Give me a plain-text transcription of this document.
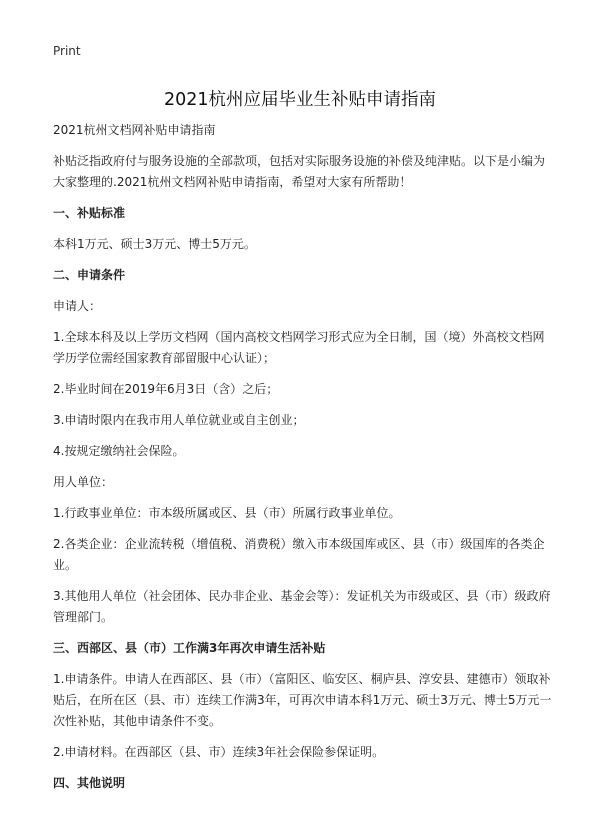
Print
2021杭州应届毕业生补贴申请指南

2021杭州文档网补贴申请指南

补贴泛指政府付与服务设施的全部款项，包括对实际服务设施的补偿及纯津贴。以下是小编为大家整理的.2021杭州文档网补贴申请指南，希望对大家有所帮助！

一、补贴标准

本科1万元、硕士3万元、博士5万元。

二、申请条件

申请人：

1.全球本科及以上学历文档网（国内高校文档网学习形式应为全日制，国（境）外高校文档网学历学位需经国家教育部留服中心认证）；

2.毕业时间在2019年6月3日（含）之后；

3.申请时限内在我市用人单位就业或自主创业；

4.按规定缴纳社会保险。

用人单位：

1.行政事业单位：市本级所属或区、县（市）所属行政事业单位。

2.各类企业：企业流转税（增值税、消费税）缴入市本级国库或区、县（市）级国库的各类企业。

3.其他用人单位（社会团体、民办非企业、基金会等）：发证机关为市级或区、县（市）级政府管理部门。

三、西部区、县（市）工作满3年再次申请生活补贴

1.申请条件。申请人在西部区、县（市）（富阳区、临安区、桐庐县、淳安县、建德市）领取补贴后，在所在区（县、市）连续工作满3年，可再次申请本科1万元、硕士3万元、博士5万元一次性补贴，其他申请条件不变。

2.申请材料。在西部区（县、市）连续3年社会保险参保证明。

四、其他说明
